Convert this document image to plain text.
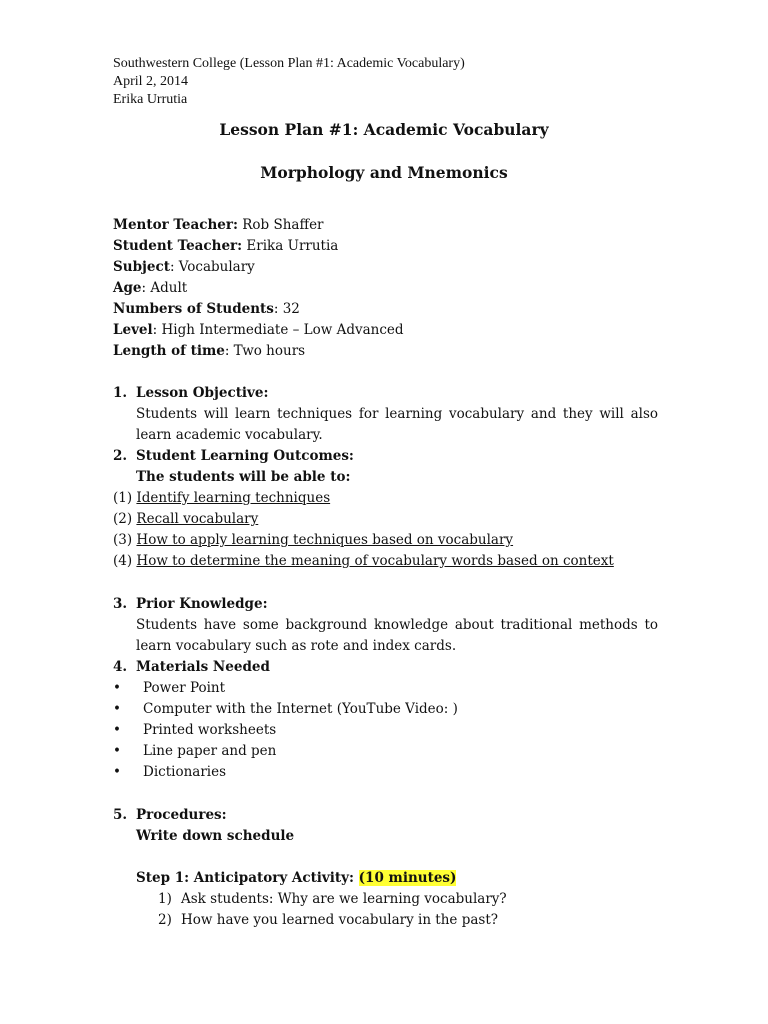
Southwestern College (Lesson Plan #1: Academic Vocabulary)
April 2, 2014
Erika Urrutia
Lesson Plan #1: Academic Vocabulary
Morphology and Mnemonics
Mentor Teacher: Rob Shaffer
Student Teacher: Erika Urrutia
Subject: Vocabulary
Age: Adult
Numbers of Students: 32
Level: High Intermediate – Low Advanced
Length of time: Two hours
1. Lesson Objective:
Students will learn techniques for learning vocabulary and they will also learn academic vocabulary.
2. Student Learning Outcomes:
The students will be able to:
(1) Identify learning techniques
(2) Recall vocabulary
(3) How to apply learning techniques based on vocabulary
(4) How to determine the meaning of vocabulary words based on context
3. Prior Knowledge:
Students have some background knowledge about traditional methods to learn vocabulary such as rote and index cards.
4. Materials Needed
• Power Point
• Computer with the Internet (YouTube Video: )
• Printed worksheets
• Line paper and pen
• Dictionaries
5. Procedures:
Write down schedule
Step 1: Anticipatory Activity: (10 minutes)
1) Ask students: Why are we learning vocabulary?
2) How have you learned vocabulary in the past?
